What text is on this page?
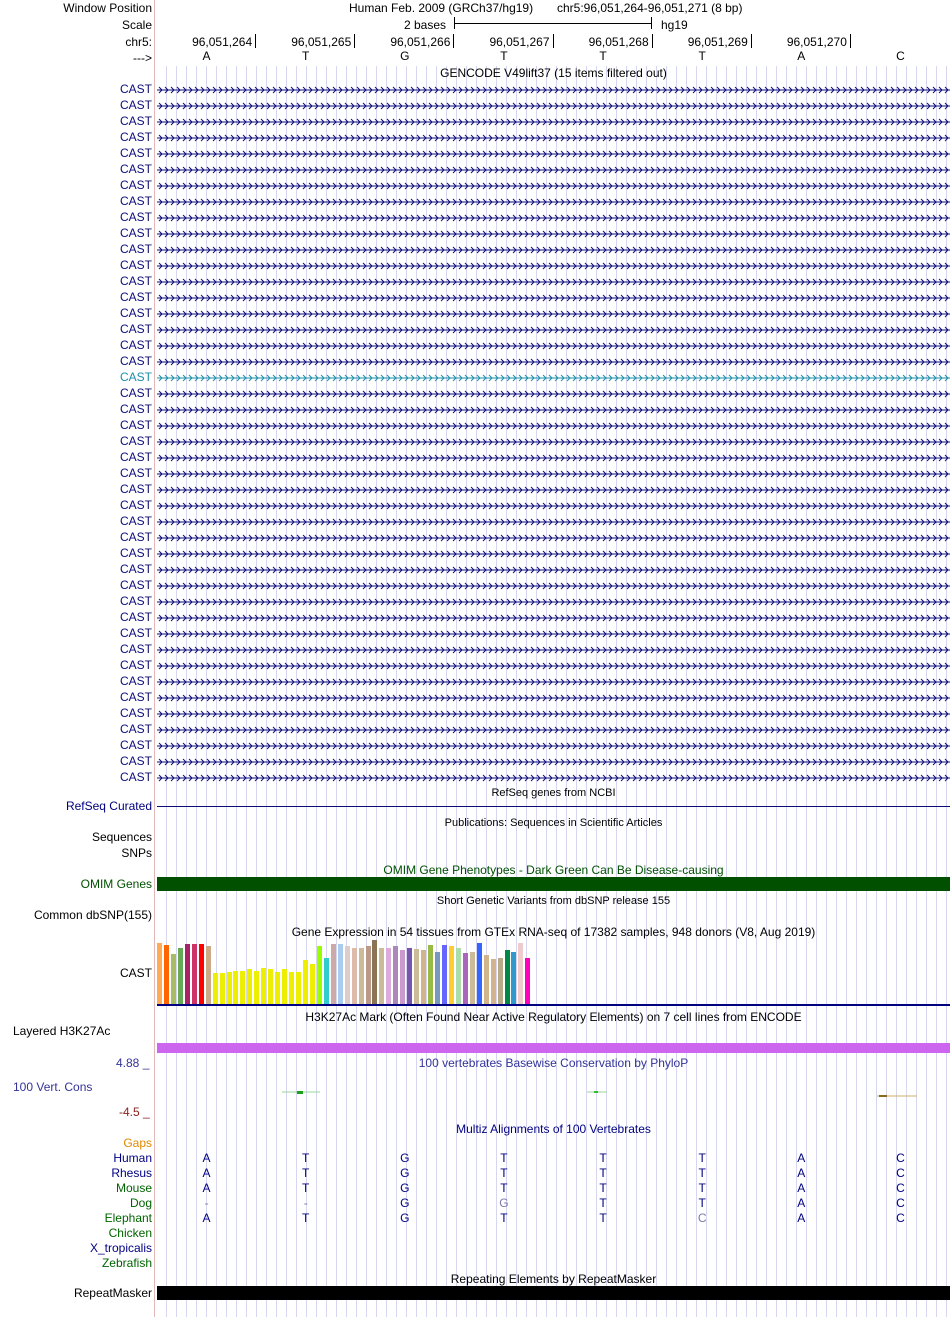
Window Position
Scale
chr5:
--->
Human Feb. 2009 (GRCh37/hg19) chr5:96,051,264-96,051,271 (8 bp)
2 bases	hg19
96,051,264	96,051,265	96,051,266	96,051,267	96,051,268	96,051,269	96,051,270
A	T	G	T	T	T	A	C
GENCODE V49lift37 (15 items filtered out)
CAST
CAST
CAST
CAST
CAST
CAST
CAST
CAST
CAST
CAST
CAST
CAST
CAST
CAST
CAST
CAST
CAST
CAST
CAST
CAST
CAST
CAST
CAST
CAST
CAST
CAST
CAST
CAST
CAST
CAST
CAST
CAST
CAST
CAST
CAST
CAST
CAST
CAST
CAST
CAST
CAST
CAST
CAST
CAST
RefSeq genes from NCBI
RefSeq Curated
Publications: Sequences in Scientific Articles
Sequences
SNPs
OMIM Gene Phenotypes - Dark Green Can Be Disease-causing
OMIM Genes
Short Genetic Variants from dbSNP release 155
Common dbSNP(155)
Gene Expression in 54 tissues from GTEx RNA-seq of 17382 samples, 948 donors (V8, Aug 2019)
CAST
H3K27Ac Mark (Often Found Near Active Regulatory Elements) on 7 cell lines from ENCODE
Layered H3K27Ac
100 vertebrates Basewise Conservation by PhyloP
4.88 _
100 Vert. Cons
-4.5 _
Multiz Alignments of 100 Vertebrates
Gaps
Human	A	T	G	T	T	T	A	C
Rhesus	A	T	G	T	T	T	A	C
Mouse	A	T	G	T	T	T	A	C
Dog	-	-	G	G	T	T	A	C
Elephant	A	T	G	T	T	C	A	C
Chicken
X_tropicalis
Zebrafish
Repeating Elements by RepeatMasker
RepeatMasker
